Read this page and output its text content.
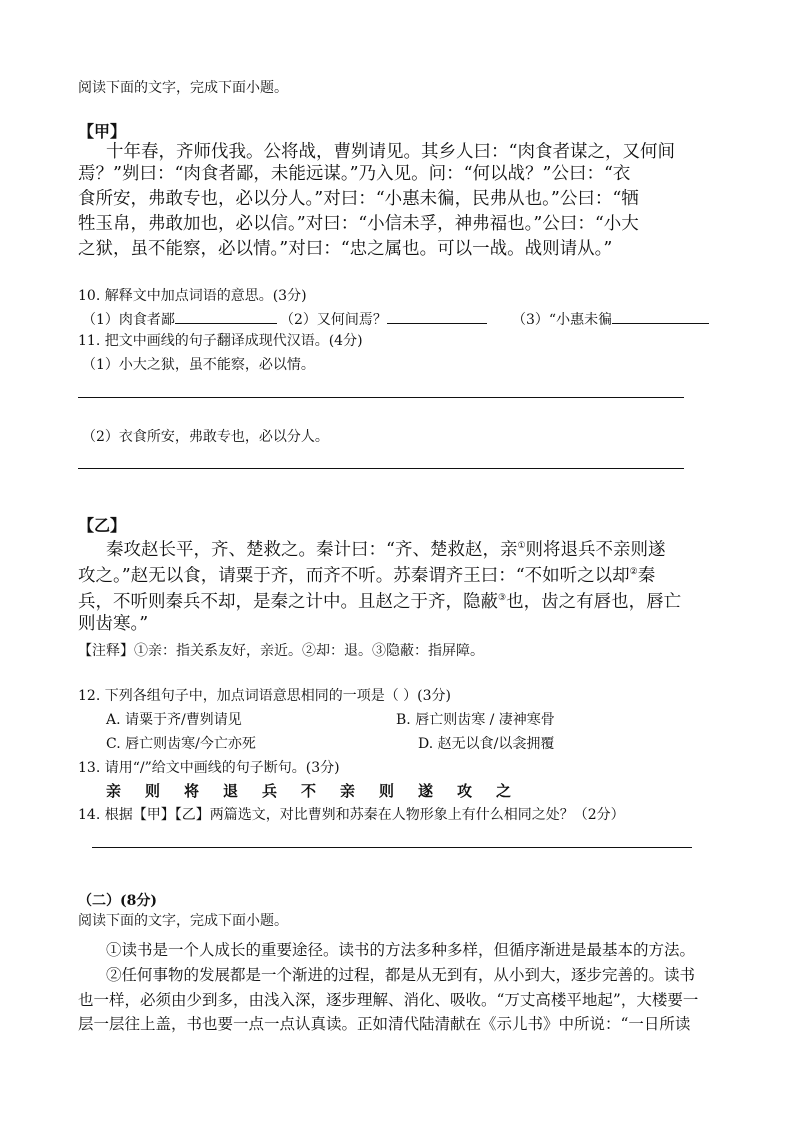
阅读下面的文字，完成下面小题。
【甲】
十年春，齐师伐我。公将战，曹刿请见。其乡人曰：“肉食者谋之，又何间
焉？”刿曰：“肉食者鄙，未能远谋。”乃入见。问：“何以战？”公曰：“衣
食所安，弗敢专也，必以分人。”对曰：“小惠未徧，民弗从也。”公曰：“牺
牲玉帛，弗敢加也，必以信。”对曰：“小信未孚，神弗福也。”公曰：“小大
之狱，虽不能察，必以情。”对曰：“忠之属也。可以一战。战则请从。”
10. 解释文中加点词语的意思。(3分)
（1）肉食者鄙	（2）又何间焉？	（3）“小惠未徧
11. 把文中画线的句子翻译成现代汉语。(4分)
（1）小大之狱，虽不能察，必以情。
（2）衣食所安，弗敢专也，必以分人。
【乙】
秦攻赵长平，齐、楚救之。秦计曰：“齐、楚救赵，亲①则将退兵不亲则遂
攻之。”赵无以食，请粟于齐，而齐不听。苏秦谓齐王曰：“不如听之以却②秦
兵，不听则秦兵不却，是秦之计中。且赵之于齐，隐蔽③也，齿之有唇也，唇亡
则齿寒。”
【注释】①亲：指关系友好，亲近。②却：退。③隐蔽：指屏障。
12. 下列各组句子中，加点词语意思相同的一项是（ ）(3分)
A. 请粟于齐/曹刿请见	B. 唇亡则齿寒 / 凄神寒骨
C. 唇亡则齿寒/今亡亦死	D. 赵无以食/以衾拥覆
13. 请用“/”给文中画线的句子断句。(3分)
亲则将退兵不亲则遂攻之
14. 根据【甲】【乙】两篇选文，对比曹刿和苏秦在人物形象上有什么相同之处？（2分）
（二）(8分)
阅读下面的文字，完成下面小题。
①读书是一个人成长的重要途径。读书的方法多种多样，但循序渐进是最基本的方法。
②任何事物的发展都是一个渐进的过程，都是从无到有，从小到大，逐步完善的。读书
也一样，必须由少到多，由浅入深，逐步理解、消化、吸收。“万丈高楼平地起”，大楼要一
层一层往上盖，书也要一点一点认真读。正如清代陆清献在《示儿书》中所说：“一日所读
